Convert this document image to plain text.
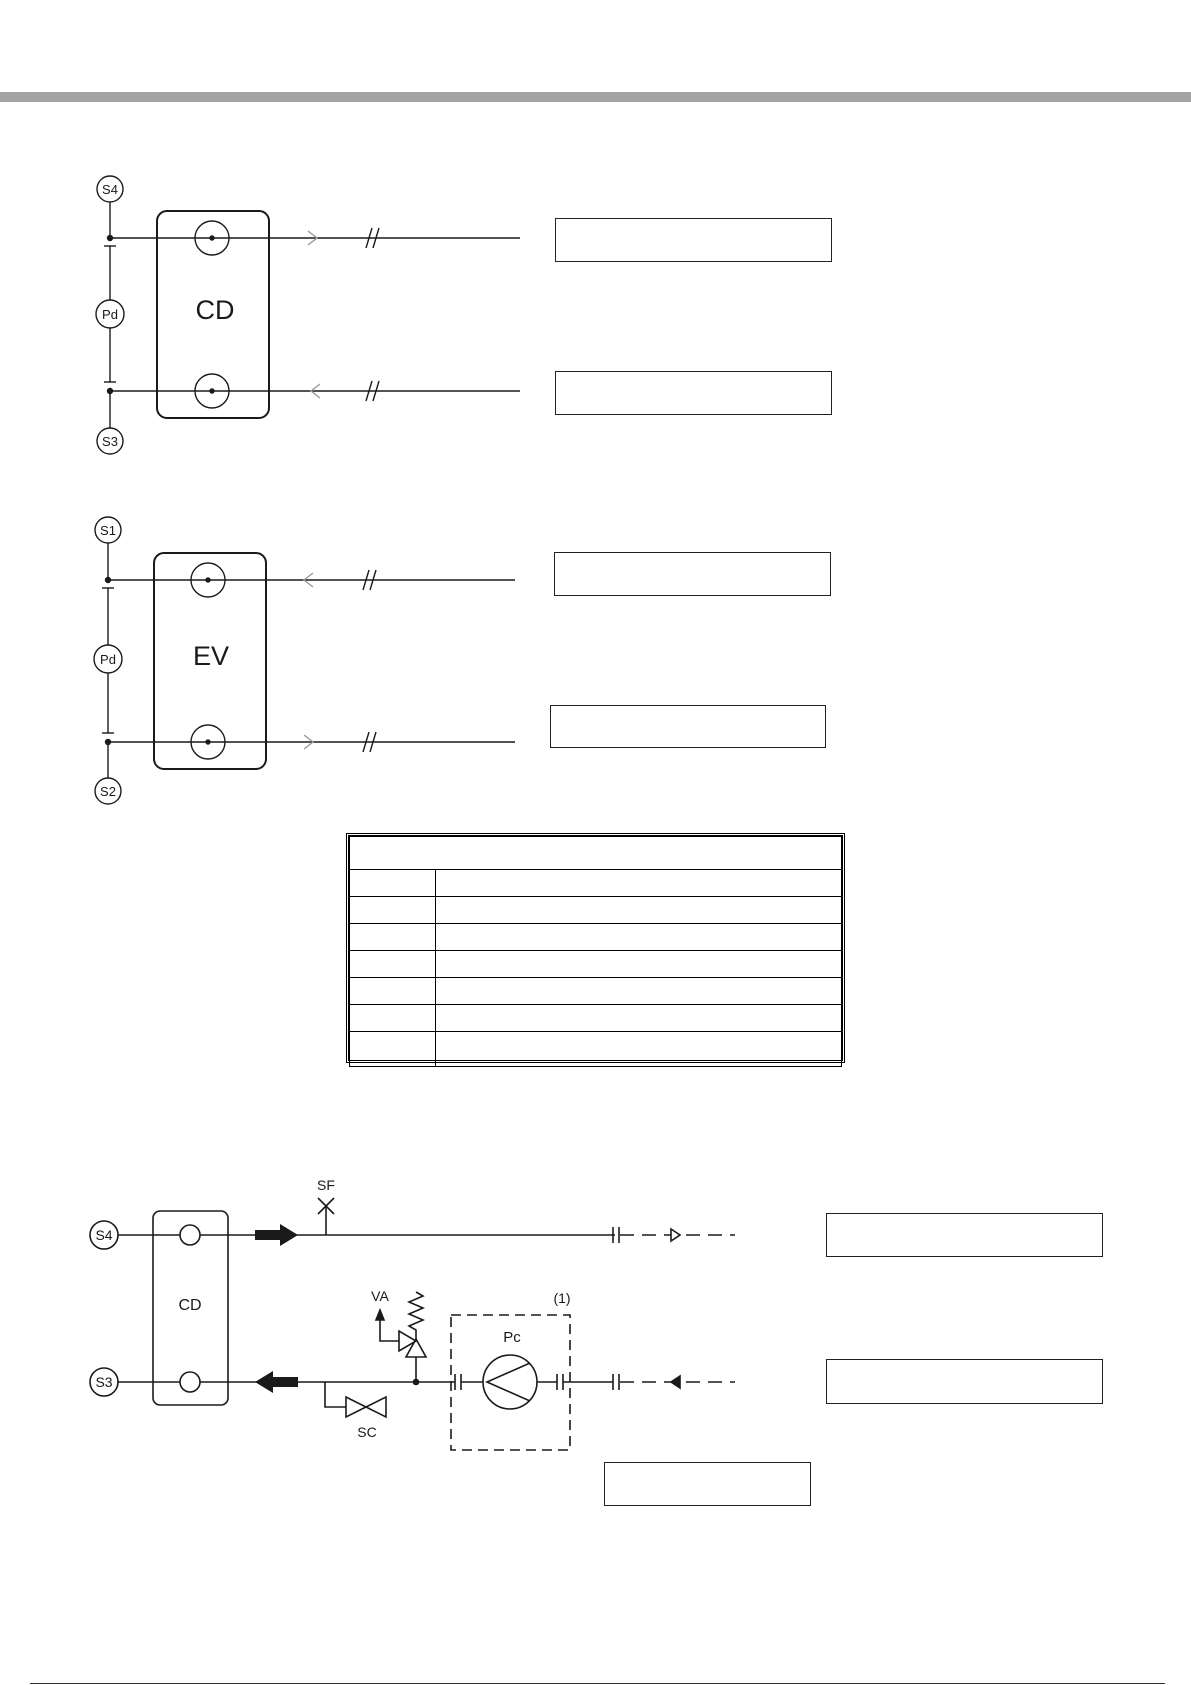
S4
Pd
S3
CD
S1
Pd
S2
EV
S4
S3
CD
SF
SC
VA	(1)
Pc
